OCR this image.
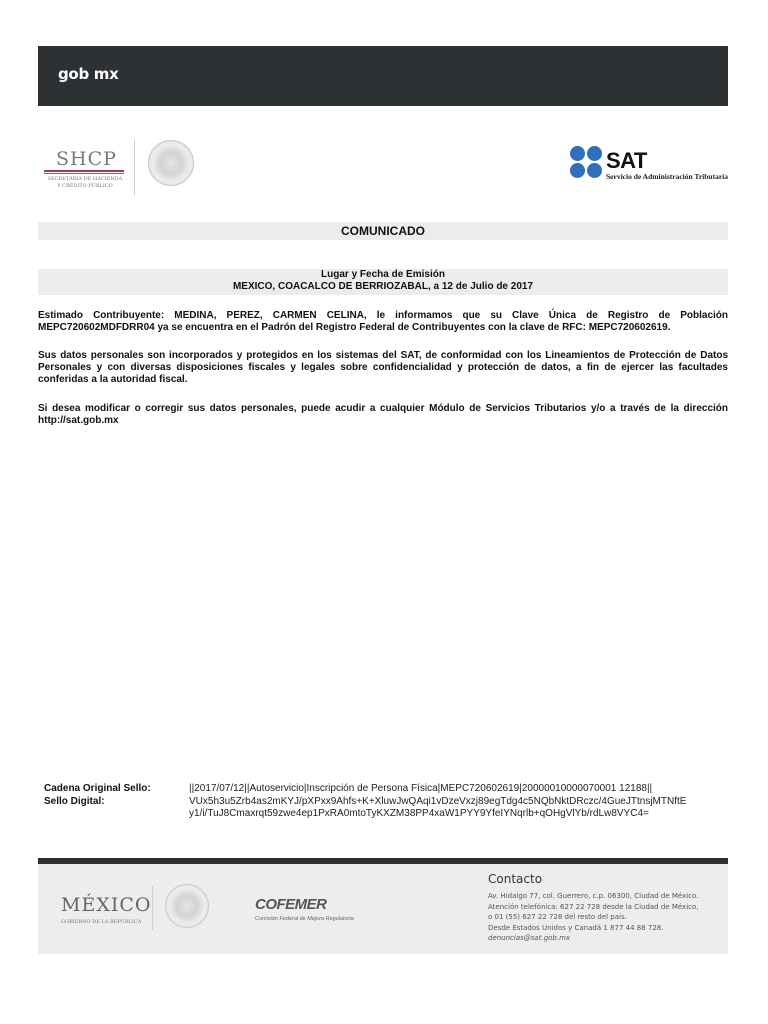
gob mx
SHCP
SECRETARÍA DE HACIENDA
Y CRÉDITO PÚBLICO
SAT
Servicio de Administración Tributaria
COMUNICADO
Lugar y Fecha de Emisión
MEXICO, COACALCO DE BERRIOZABAL, a 12 de Julio de 2017
Estimado Contribuyente: MEDINA, PEREZ, CARMEN CELINA, le informamos que su Clave Única de Registro de Población MEPC720602MDFDRR04 ya se encuentra en el Padrón del Registro Federal de Contribuyentes con la clave de RFC: MEPC720602619.
Sus datos personales son incorporados y protegidos en los sistemas del SAT, de conformidad con los Lineamientos de Protección de Datos Personales y con diversas disposiciones fiscales y legales sobre confidencialidad y protección de datos, a fin de ejercer las facultades conferidas a la autoridad fiscal.
Si desea modificar o corregir sus datos personales, puede acudir a cualquier Módulo de Servicios Tributarios y/o a través de la dirección http://sat.gob.mx
Cadena Original Sello:	||2017/07/12||Autoservicio|Inscripción de Persona Física|MEPC720602619|20000010000070001 12188||
Sello Digital:	VUx5h3u5Zrb4as2mKYJ/pXPxx9Ahfs+K+XluwJwQAqi1vDzeVxzj89egTdg4c5NQbNktDRczc/4GueJTtnsjMTNftE
y1/i/TuJ8Cmaxrqt59zwe4ep1PxRA0mtoTyKXZM38PP4xaW1PYY9YfeIYNqrlb+qOHgVlYb/rdLw8VYC4=
MÉXICO
GOBIERNO DE LA REPÚBLICA
COFEMER
Comisión Federal de Mejora Regulatoria
Contacto
Av. Hidalgo 77, col. Guerrero, c.p. 06300, Ciudad de México.
Atención telefónica: 627 22 728 desde la Ciudad de México,
o 01 (55) 627 22 728 del resto del país.
Desde Estados Unidos y Canadá 1 877 44 88 728.
denuncias@sat.gob.mx
